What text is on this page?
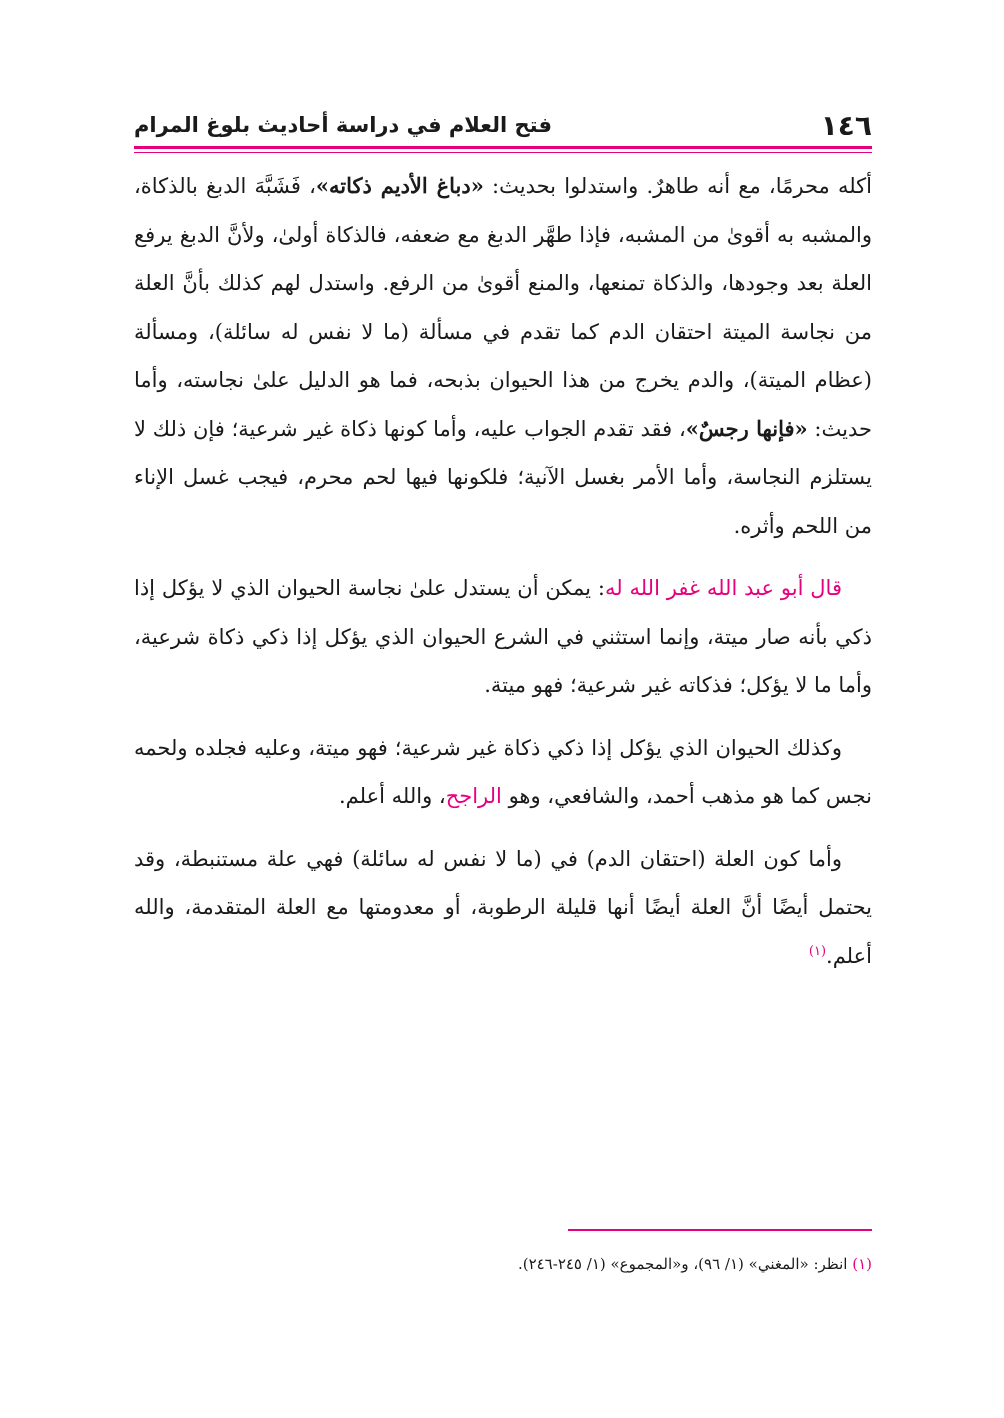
١٤٦
فتح العلام في دراسة أحاديث بلوغ المرام

أكله محرمًا، مع أنه طاهرٌ. واستدلوا بحديث: «دباغ الأديم ذكاته»، فَشَبَّهَ الدبغ بالذكاة، والمشبه به أقوىٰ من المشبه، فإذا طهَّر الدبغ مع ضعفه، فالذكاة أولىٰ، ولأنَّ الدبغ يرفع العلة بعد وجودها، والذكاة تمنعها، والمنع أقوىٰ من الرفع. واستدل لهم كذلك بأنَّ العلة من نجاسة الميتة احتقان الدم كما تقدم في مسألة (ما لا نفس له سائلة)، ومسألة (عظام الميتة)، والدم يخرج من هذا الحيوان بذبحه، فما هو الدليل علىٰ نجاسته، وأما حديث: «فإنها رجسٌ»، فقد تقدم الجواب عليه، وأما كونها ذكاة غير شرعية؛ فإن ذلك لا يستلزم النجاسة، وأما الأمر بغسل الآنية؛ فلكونها فيها لحم محرم، فيجب غسل الإناء من اللحم وأثره.

قال أبو عبد الله غفر الله له: يمكن أن يستدل علىٰ نجاسة الحيوان الذي لا يؤكل إذا ذكي بأنه صار ميتة، وإنما استثني في الشرع الحيوان الذي يؤكل إذا ذكي ذكاة شرعية، وأما ما لا يؤكل؛ فذكاته غير شرعية؛ فهو ميتة.

وكذلك الحيوان الذي يؤكل إذا ذكي ذكاة غير شرعية؛ فهو ميتة، وعليه فجلده ولحمه نجس كما هو مذهب أحمد، والشافعي، وهو الراجح، والله أعلم.

وأما كون العلة (احتقان الدم) في (ما لا نفس له سائلة) فهي علة مستنبطة، وقد يحتمل أيضًا أنَّ العلة أيضًا أنها قليلة الرطوبة، أو معدومتها مع العلة المتقدمة، والله أعلم.$^{(١)}$

(١) انظر: «المغني» (١/ ٩٦)، و«المجموع» (١/ ٢٤٥-٢٤٦).
